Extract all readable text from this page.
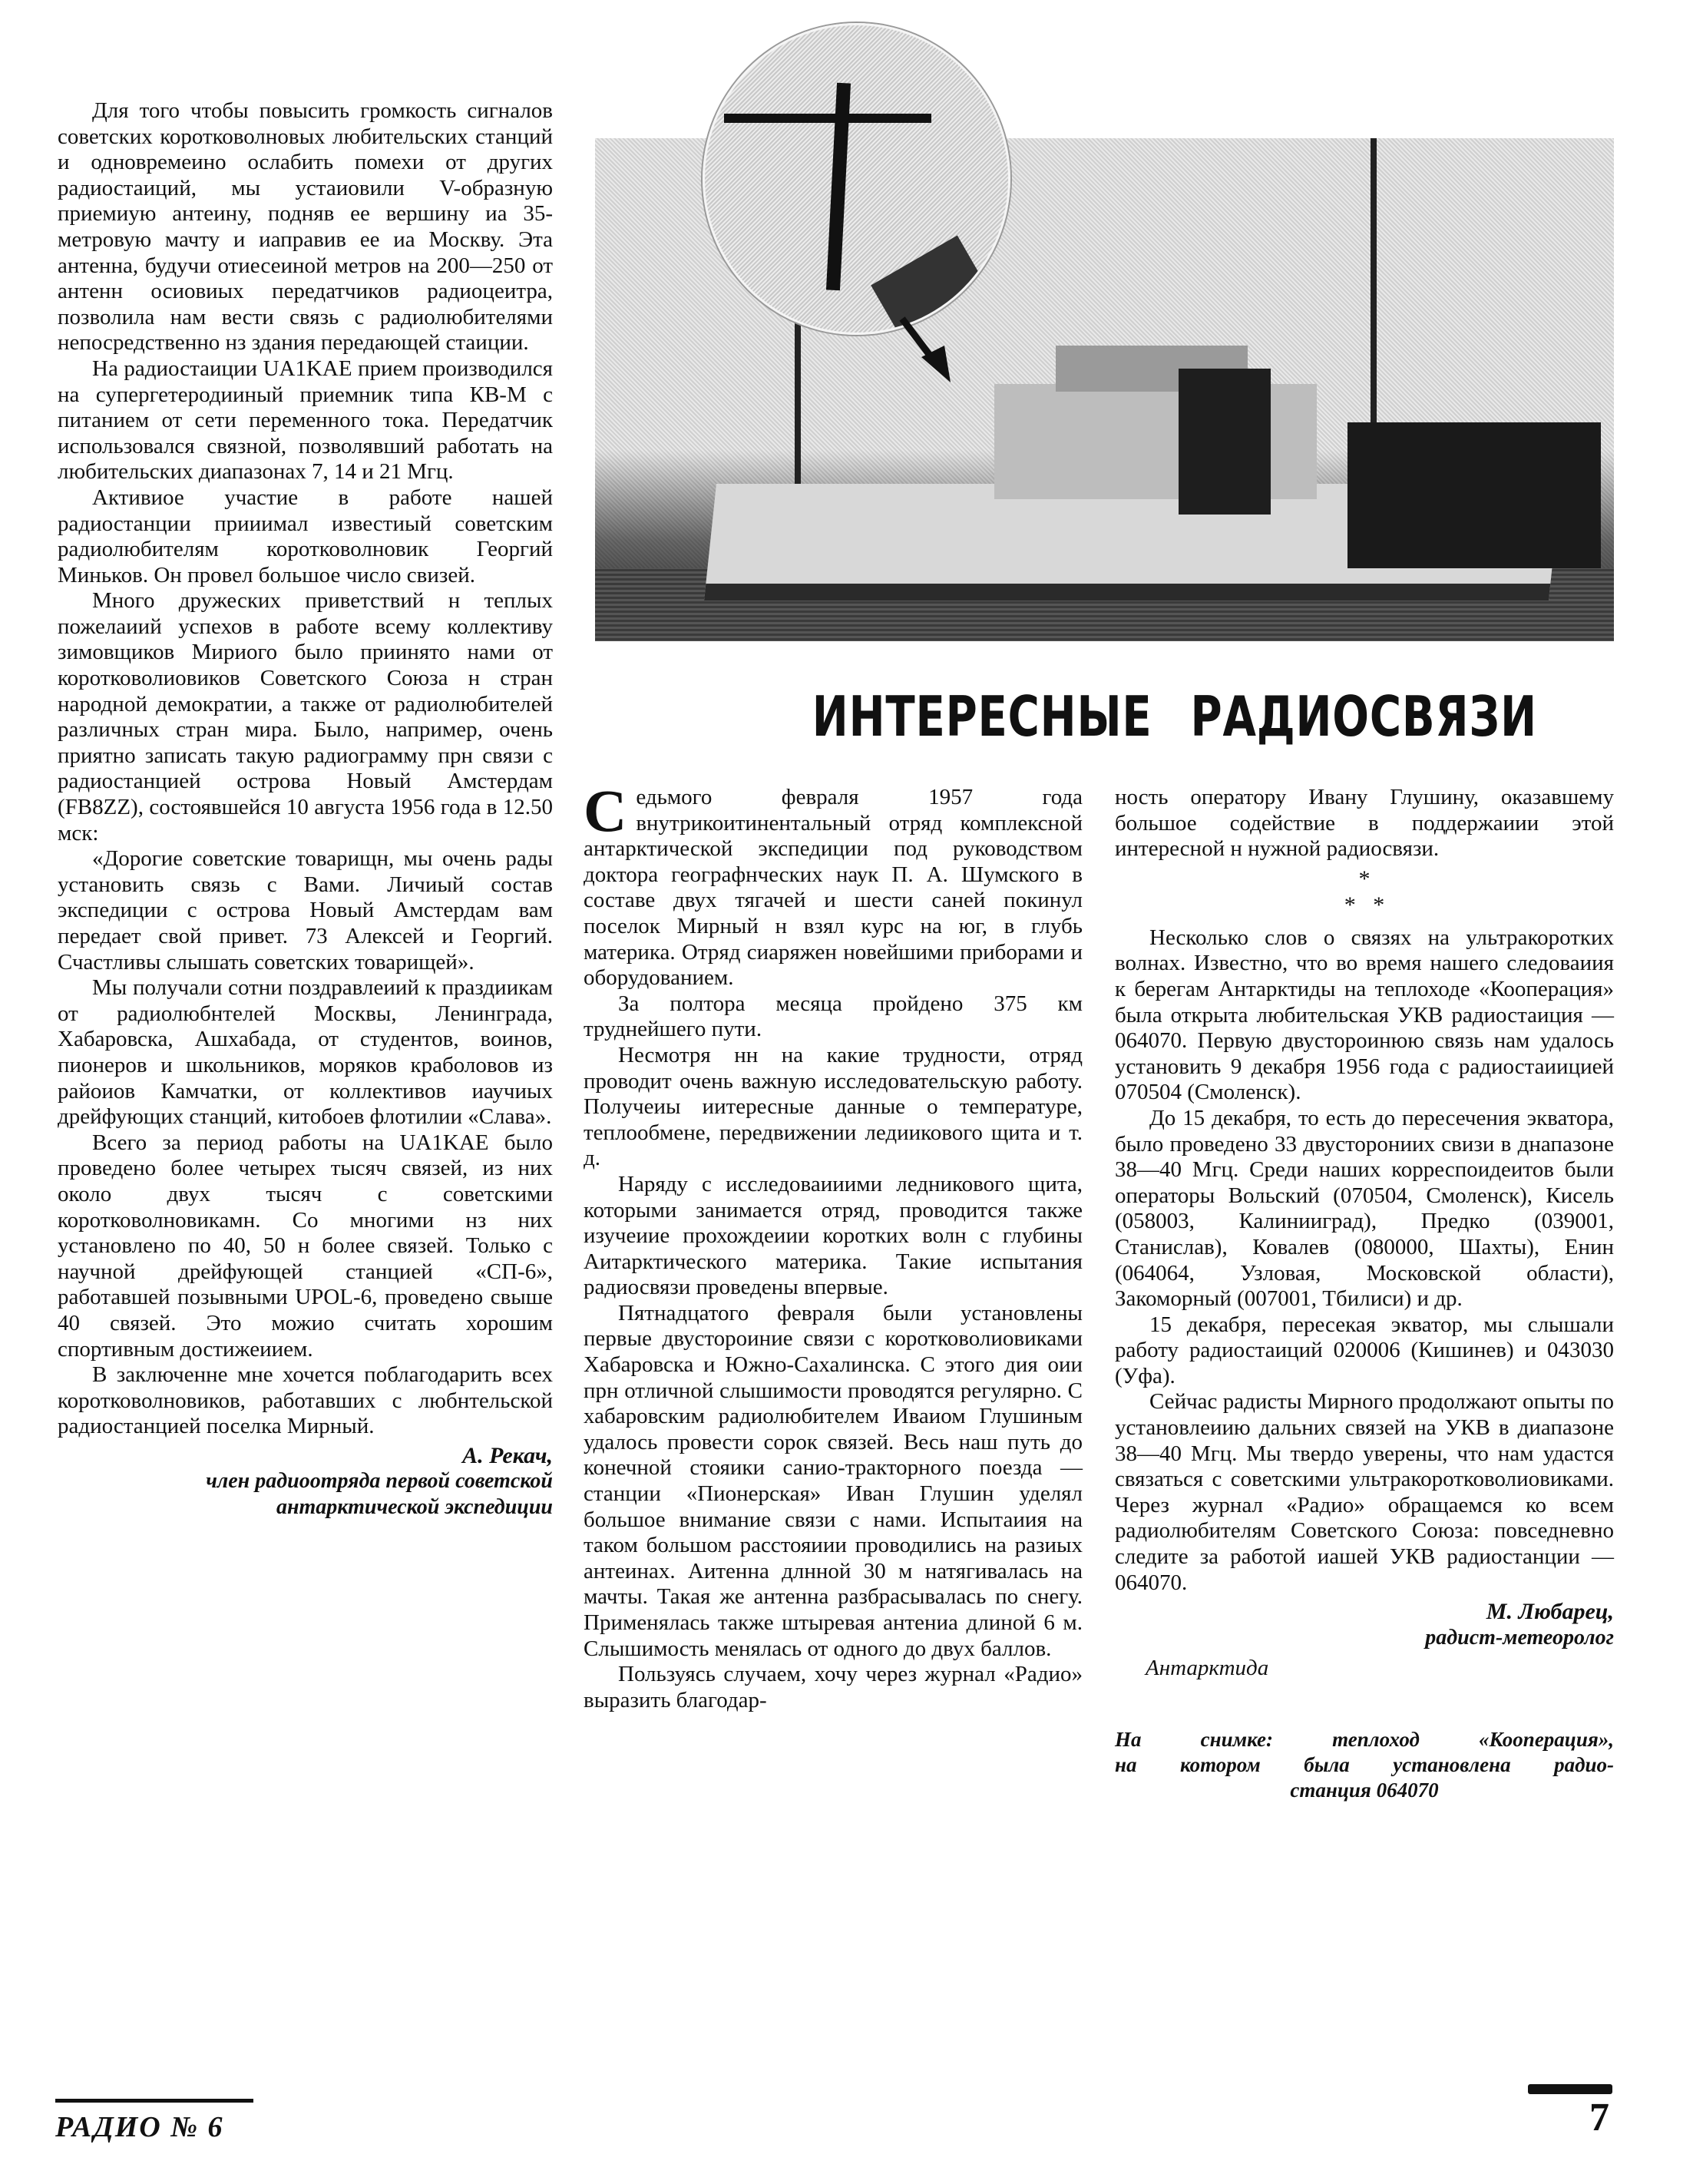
ИНТЕРЕСНЫЕ РАДИОСВЯЗИ

Для того чтобы повысить громкость сигналов советских коротковолновых любительских станций и одновремеино ослабить помехи от других радиостаиций, мы устаиовили V-образную приемиую антеину, подняв ее вершину иа 35-метровую мачту и иаправив ее иа Москву. Эта антенна, будучи отиесеиной метров на 200—250 от антенн осиовиых передатчиков радиоцеитра, позволила нам вести связь с радиолюбителями непосредственно нз здания передающей стаиции.

На радиостаиции UA1KAE прием производился на супергетеродииный приемник типа КВ-М с питанием от сети переменного тока. Передатчик использовался связной, позволявший работать на любительских диапазонах 7, 14 и 21 Мгц.

Активиое участие в работе нашей радиостанции прииимал известиый советским радиолюбителям коротковолновик Георгий Миньков. Он провел большое число свизей.

Много дружеских приветствий н теплых пожелаиий успехов в работе всему коллективу зимовщиков Мириого было приинято нами от коротковолиовиков Советского Союза н стран народной демократии, а также от радиолюбителей различных стран мира. Было, например, очень приятно записать такую радиограмму прн связи с радиостанцией острова Новый Амстердам (FB8ZZ), состоявшейся 10 августа 1956 года в 12.50 мск:

«Дорогие советские товарищн, мы очень рады установить связь с Вами. Личиый состав экспедиции с острова Новый Амстердам вам передает свой привет. 73 Алексей и Георгий. Счастливы слышать советских товарищей».

Мы получали сотни поздравлеиий к праздиикам от радиолюбнтелей Москвы, Ленинграда, Хабаровска, Ашхабада, от студентов, воинов, пионеров и школьников, моряков краболовов из райоиов Камчатки, от коллективов иаучиых дрейфующих станций, китобоев флотилии «Слава».

Всего за период работы на UA1KAE было проведено более четырех тысяч связей, из них около двух тысяч с советскими коротковолновикамн. Со многими нз них установлено по 40, 50 н более связей. Только с научной дрейфующей станцией «СП-6», работавшей позывными UPOL-6, проведено свыше 40 связей. Это можио считать хорошим спортивным достижеиием.

В заключенне мне хочется поблагодарить всех коротковолновиков, работавших с любнтельской радиостанцией поселка Мирный.

А. Рекач,

член радиоотряда первой советской

антарктической экспедиции

Седьмого февраля 1957 года внутрикоитинентальный отряд комплексной антарктической экспедиции под руководством доктора географнческих наук П. А. Шумского в составе двух тягачей и шести саней покинул поселок Мирный н взял курс на юг, в глубь материка. Отряд сиаряжен новейшими приборами и оборудованием.

За полтора месяца пройдено 375 км труднейшего пути.

Несмотря нн на какие трудности, отряд проводит очень важную исследовательскую работу. Получеиы иитересные данные о температуре, теплообмене, передвижении ледиикового щита и т. д.

Наряду с исследоваииими ледникового щита, которыми занимается отряд, проводится также изучеиие прохождеиии коротких волн с глубины Аитарктического материка. Такие испытания радиосвязи проведены впервые.

Пятнадцатого февраля были установлены первые двустороиние связи с коротковолиовиками Хабаровска и Южно-Сахалинска. С этого дия оии прн отличной слышимости проводятся регулярно. С хабаровским радиолюбителем Иваиом Глушиным удалось провести сорок связей. Весь наш путь до конечной стояики санио-тракторного поезда — станции «Пионерская» Иван Глушин уделял большое вниманиe связи с нами. Испытаиия на таком большом расстояиии проводились на разиых антеинах. Аитенна длнной 30 м натягивалась на мачты. Такая же антенна разбрасывалась по снегу. Применялась также штыревая антениа длиной 6 м. Слышимость менялась от одного до двух баллов.

Пользуясь случаем, хочу через журнал «Радио» выразить благодар-

ность оператору Ивану Глушину, оказавшему большое содействие в поддержаиии этой интересной н нужной радиосвязи.

*

*   *

Несколько слов о связях на ультракоротких волнах. Известно, что во время нашего следоваиия к берегам Антарктиды на теплоходе «Кооперация» была открыта любительская УКВ радиостаиция — 064070. Первую двустороинюю связь нам удалось установить 9 декабря 1956 года с радиостаиицией 070504 (Смоленск).

До 15 декабря, то есть до пересечения экватора, было проведено 33 двусторониих свизи в днапазоне 38—40 Мгц. Среди наших корреспоидеитов были операторы Вольский (070504, Смоленск), Кисель (058003, Калинииград), Предко (039001, Станислав), Ковалев (080000, Шахты), Енин (064064, Узловая, Московской области), Закоморный (007001, Тбилиси) и др.

15 декабря, пересекая экватор, мы слышали работу радиостаиций 020006 (Кишинев) и 043030 (Уфа).

Сейчас радисты Мирного продолжают опыты по установлеиию дальних связей на УКВ в диапазоне 38—40 Мгц. Мы твердо уверены, что нам удастся связаться с советскими ультракоротковолиовиками. Через журнал «Радио» обращаемся ко всем радиолюбителям Советского Союза: повседневно следите за работой иашей УКВ радиостанции — 064070.

М. Любарец,

радист-метеоролог

Антарктида

На снимке: теплоход «Кооперация»,

на котором была установлена радио-

станция 064070

РАДИО № 6	7
